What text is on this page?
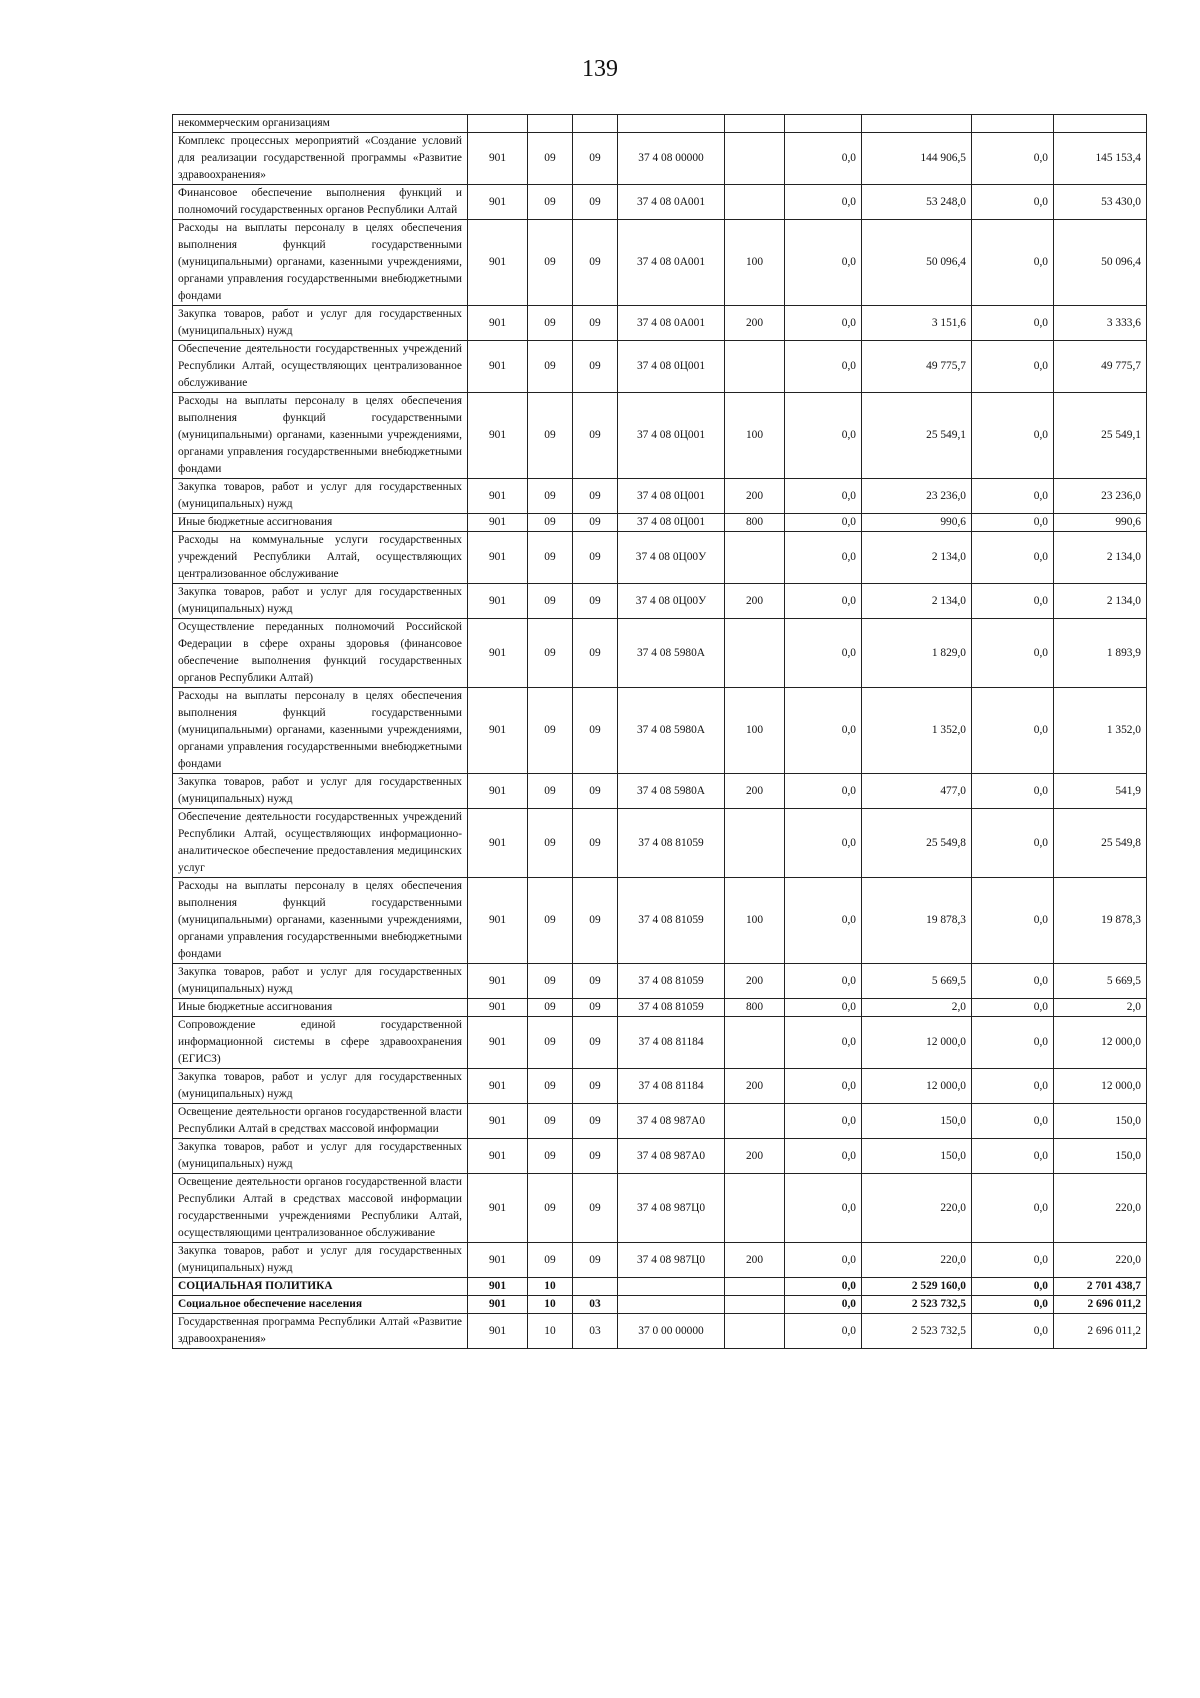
139
некоммерческим организациям									
Комплекс процессных мероприятий «Создание условий для реализации государственной программы «Развитие здравоохранения»	901	09	09	37 4 08 00000		0,0	144 906,5	0,0	145 153,4
Финансовое обеспечение выполнения функций и полномочий государственных органов Республики Алтай	901	09	09	37 4 08 0А001		0,0	53 248,0	0,0	53 430,0
Расходы на выплаты персоналу в целях обеспечения выполнения функций государственными (муниципальными) органами, казенными учреждениями, органами управления государственными внебюджетными фондами	901	09	09	37 4 08 0А001	100	0,0	50 096,4	0,0	50 096,4
Закупка товаров, работ и услуг для государственных (муниципальных) нужд	901	09	09	37 4 08 0А001	200	0,0	3 151,6	0,0	3 333,6
Обеспечение деятельности государственных учреждений Республики Алтай, осуществляющих централизованное обслуживание	901	09	09	37 4 08 0Ц001		0,0	49 775,7	0,0	49 775,7
Расходы на выплаты персоналу в целях обеспечения выполнения функций государственными (муниципальными) органами, казенными учреждениями, органами управления государственными внебюджетными фондами	901	09	09	37 4 08 0Ц001	100	0,0	25 549,1	0,0	25 549,1
Закупка товаров, работ и услуг для государственных (муниципальных) нужд	901	09	09	37 4 08 0Ц001	200	0,0	23 236,0	0,0	23 236,0
Иные бюджетные ассигнования	901	09	09	37 4 08 0Ц001	800	0,0	990,6	0,0	990,6
Расходы на коммунальные услуги государственных учреждений Республики Алтай, осуществляющих централизованное обслуживание	901	09	09	37 4 08 0Ц00У		0,0	2 134,0	0,0	2 134,0
Закупка товаров, работ и услуг для государственных (муниципальных) нужд	901	09	09	37 4 08 0Ц00У	200	0,0	2 134,0	0,0	2 134,0
Осуществление переданных полномочий Российской Федерации в сфере охраны здоровья (финансовое обеспечение выполнения функций государственных органов Республики Алтай)	901	09	09	37 4 08 5980А		0,0	1 829,0	0,0	1 893,9
Расходы на выплаты персоналу в целях обеспечения выполнения функций государственными (муниципальными) органами, казенными учреждениями, органами управления государственными внебюджетными фондами	901	09	09	37 4 08 5980А	100	0,0	1 352,0	0,0	1 352,0
Закупка товаров, работ и услуг для государственных (муниципальных) нужд	901	09	09	37 4 08 5980А	200	0,0	477,0	0,0	541,9
Обеспечение деятельности государственных учреждений Республики Алтай, осуществляющих информационно-аналитическое обеспечение предоставления медицинских услуг	901	09	09	37 4 08 81059		0,0	25 549,8	0,0	25 549,8
Расходы на выплаты персоналу в целях обеспечения выполнения функций государственными (муниципальными) органами, казенными учреждениями, органами управления государственными внебюджетными фондами	901	09	09	37 4 08 81059	100	0,0	19 878,3	0,0	19 878,3
Закупка товаров, работ и услуг для государственных (муниципальных) нужд	901	09	09	37 4 08 81059	200	0,0	5 669,5	0,0	5 669,5
Иные бюджетные ассигнования	901	09	09	37 4 08 81059	800	0,0	2,0	0,0	2,0
Сопровождение единой государственной информационной системы в сфере здравоохранения (ЕГИСЗ)	901	09	09	37 4 08 81184		0,0	12 000,0	0,0	12 000,0
Закупка товаров, работ и услуг для государственных (муниципальных) нужд	901	09	09	37 4 08 81184	200	0,0	12 000,0	0,0	12 000,0
Освещение деятельности органов государственной власти Республики Алтай в средствах массовой информации	901	09	09	37 4 08 987А0		0,0	150,0	0,0	150,0
Закупка товаров, работ и услуг для государственных (муниципальных) нужд	901	09	09	37 4 08 987А0	200	0,0	150,0	0,0	150,0
Освещение деятельности органов государственной власти Республики Алтай в средствах массовой информации государственными учреждениями Республики Алтай, осуществляющими централизованное обслуживание	901	09	09	37 4 08 987Ц0		0,0	220,0	0,0	220,0
Закупка товаров, работ и услуг для государственных (муниципальных) нужд	901	09	09	37 4 08 987Ц0	200	0,0	220,0	0,0	220,0
СОЦИАЛЬНАЯ ПОЛИТИКА	901	10				0,0	2 529 160,0	0,0	2 701 438,7
Социальное обеспечение населения	901	10	03			0,0	2 523 732,5	0,0	2 696 011,2
Государственная программа Республики Алтай «Развитие здравоохранения»	901	10	03	37 0 00 00000		0,0	2 523 732,5	0,0	2 696 011,2
